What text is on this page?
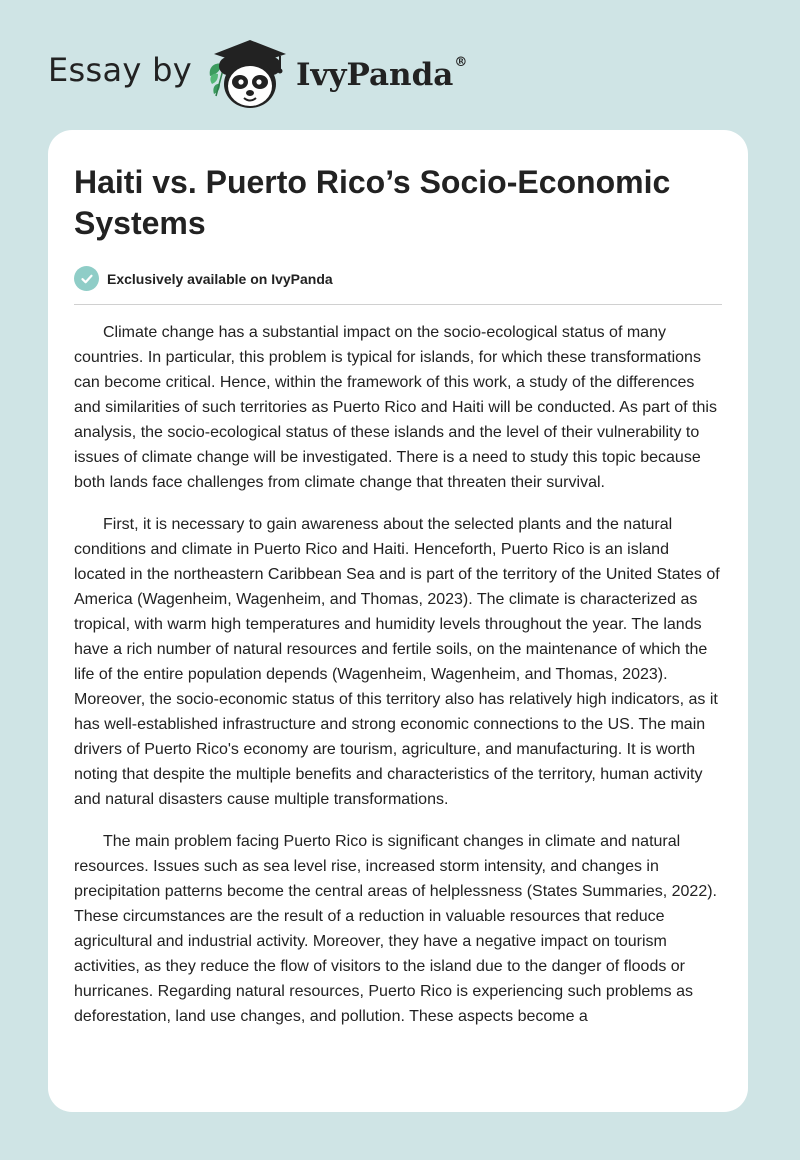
Essay by	IvyPanda®
Haiti vs. Puerto Rico’s Socio-Economic Systems
Exclusively available on IvyPanda

Climate change has a substantial impact on the socio-ecological status of many countries. In particular, this problem is typical for islands, for which these transformations can become critical. Hence, within the framework of this work, a study of the differences and similarities of such territories as Puerto Rico and Haiti will be conducted. As part of this analysis, the socio-ecological status of these islands and the level of their vulnerability to issues of climate change will be investigated. There is a need to study this topic because both lands face challenges from climate change that threaten their survival.

First, it is necessary to gain awareness about the selected plants and the natural conditions and climate in Puerto Rico and Haiti. Henceforth, Puerto Rico is an island located in the northeastern Caribbean Sea and is part of the territory of the United States of America (Wagenheim, Wagenheim, and Thomas, 2023). The climate is characterized as tropical, with warm high temperatures and humidity levels throughout the year. The lands have a rich number of natural resources and fertile soils, on the maintenance of which the life of the entire population depends (Wagenheim, Wagenheim, and Thomas, 2023). Moreover, the socio-economic status of this territory also has relatively high indicators, as it has well-established infrastructure and strong economic connections to the US. The main drivers of Puerto Rico's economy are tourism, agriculture, and manufacturing. It is worth noting that despite the multiple benefits and characteristics of the territory, human activity and natural disasters cause multiple transformations.

The main problem facing Puerto Rico is significant changes in climate and natural resources. Issues such as sea level rise, increased storm intensity, and changes in precipitation patterns become the central areas of helplessness (States Summaries, 2022). These circumstances are the result of a reduction in valuable resources that reduce agricultural and industrial activity. Moreover, they have a negative impact on tourism activities, as they reduce the flow of visitors to the island due to the danger of floods or hurricanes. Regarding natural resources, Puerto Rico is experiencing such problems as deforestation, land use changes, and pollution. These aspects become a
